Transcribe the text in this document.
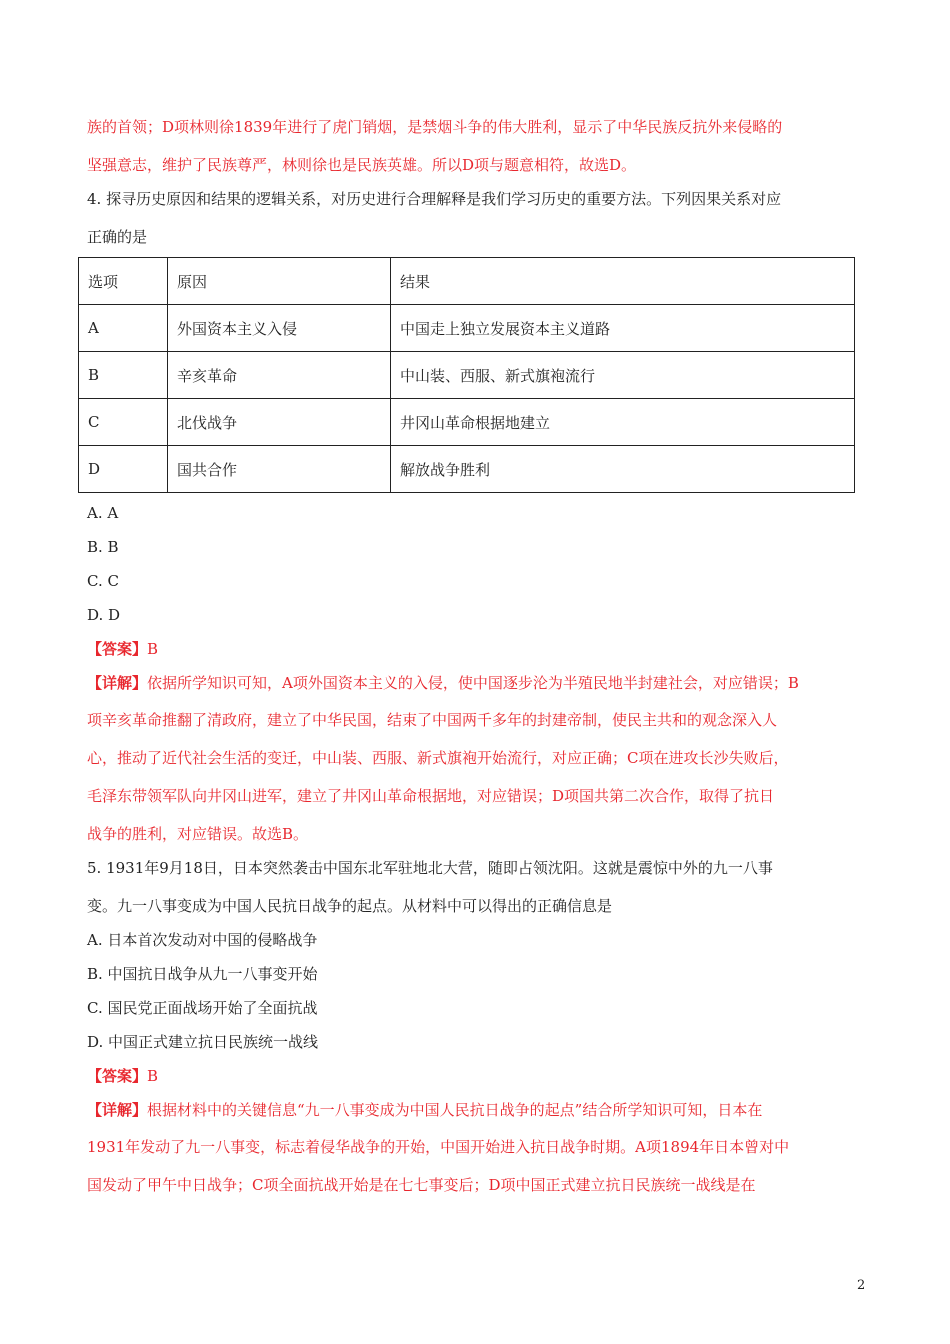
族的首领；D项林则徐1839年进行了虎门销烟，是禁烟斗争的伟大胜利，显示了中华民族反抗外来侵略的
坚强意志，维护了民族尊严，林则徐也是民族英雄。所以D项与题意相符，故选D。
4. 探寻历史原因和结果的逻辑关系，对历史进行合理解释是我们学习历史的重要方法。下列因果关系对应
正确的是
选项	原因	结果
A	外国资本主义入侵	中国走上独立发展资本主义道路
B	辛亥革命	中山装、西服、新式旗袍流行
C	北伐战争	井冈山革命根据地建立
D	国共合作	解放战争胜利
A. A
B. B
C. C
D. D
【答案】B
【详解】依据所学知识可知，A项外国资本主义的入侵，使中国逐步沦为半殖民地半封建社会，对应错误；B
项辛亥革命推翻了清政府，建立了中华民国，结束了中国两千多年的封建帝制，使民主共和的观念深入人
心，推动了近代社会生活的变迁，中山装、西服、新式旗袍开始流行，对应正确；C项在进攻长沙失败后，
毛泽东带领军队向井冈山进军，建立了井冈山革命根据地，对应错误；D项国共第二次合作，取得了抗日
战争的胜利，对应错误。故选B。
5. 1931年9月18日，日本突然袭击中国东北军驻地北大营，随即占领沈阳。这就是震惊中外的九一八事
变。九一八事变成为中国人民抗日战争的起点。从材料中可以得出的正确信息是
A. 日本首次发动对中国的侵略战争
B. 中国抗日战争从九一八事变开始
C. 国民党正面战场开始了全面抗战
D. 中国正式建立抗日民族统一战线
【答案】B
【详解】根据材料中的关键信息“九一八事变成为中国人民抗日战争的起点”结合所学知识可知，日本在
1931年发动了九一八事变，标志着侵华战争的开始，中国开始进入抗日战争时期。A项1894年日本曾对中
国发动了甲午中日战争；C项全面抗战开始是在七七事变后；D项中国正式建立抗日民族统一战线是在
2
